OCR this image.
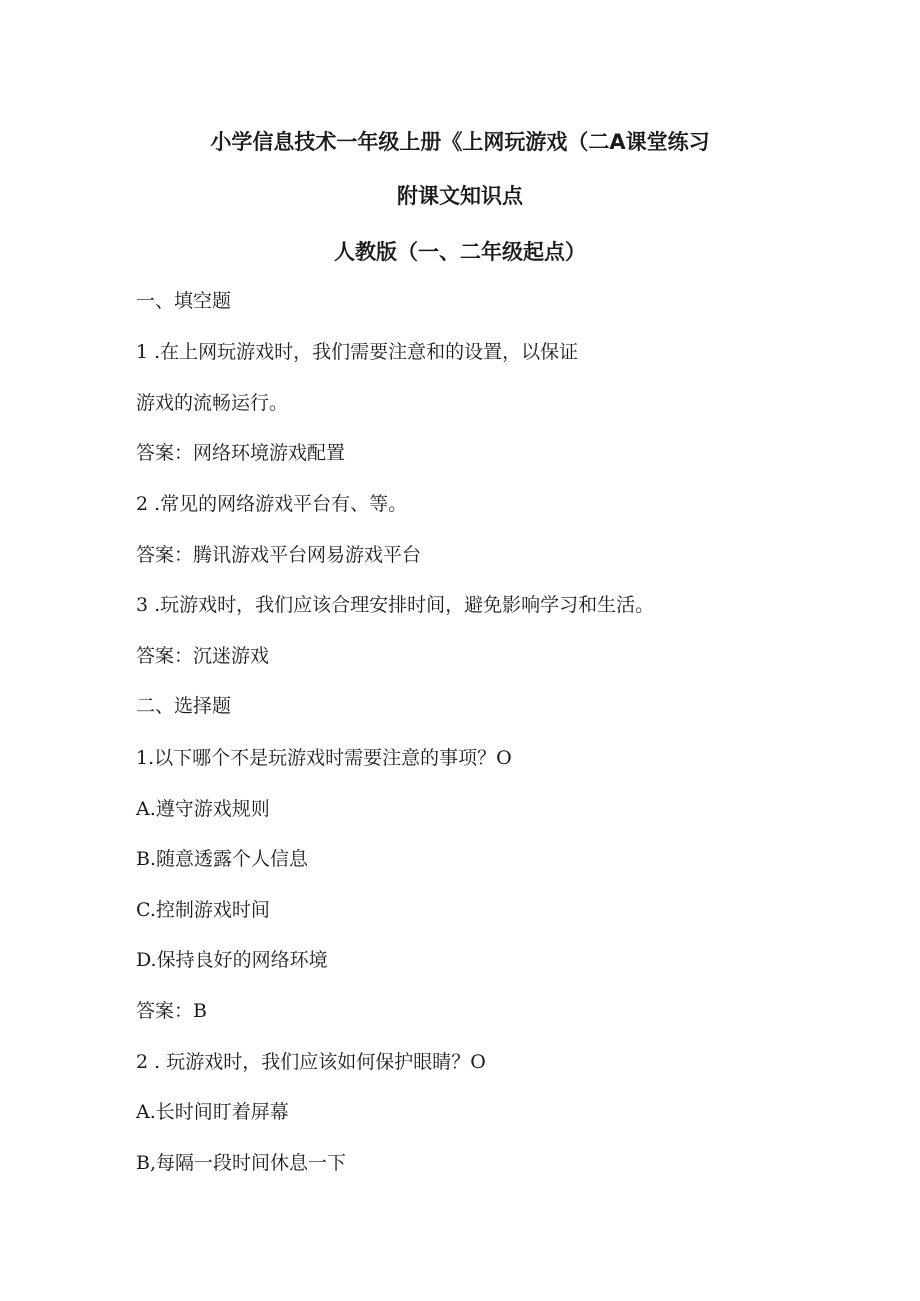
小学信息技术一年级上册《上网玩游戏（二A课堂练习
附课文知识点
人教版（一、二年级起点）
一、填空题
1 .在上网玩游戏时，我们需要注意和的设置，以保证
游戏的流畅运行。
答案：网络环境游戏配置
2 .常见的网络游戏平台有、等。
答案：腾讯游戏平台网易游戏平台
3 .玩游戏时，我们应该合理安排时间，避免影响学习和生活。
答案：沉迷游戏
二、选择题
1.以下哪个不是玩游戏时需要注意的事项？O
A.遵守游戏规则
B.随意透露个人信息
C.控制游戏时间
D.保持良好的网络环境
答案：B
2 . 玩游戏时，我们应该如何保护眼睛？O
A.长时间盯着屏幕
B,每隔一段时间休息一下
